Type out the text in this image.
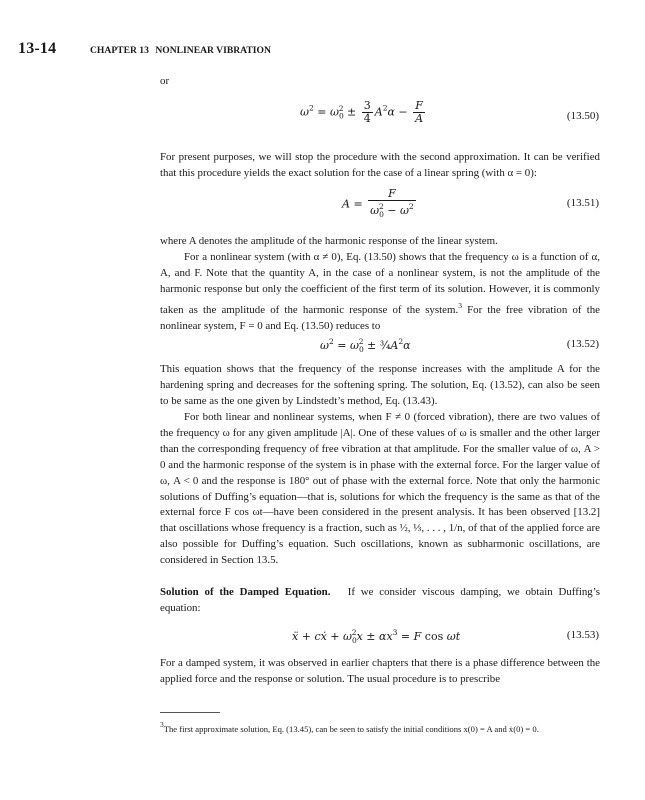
13-14	CHAPTER 13 NONLINEAR VIBRATION
or
$\omega^2 = \omega_0^2 \pm \frac{3}{4} A^2\alpha - \frac{F}{A}$	(13.50)

For present purposes, we will stop the procedure with the second approximation. It can be verified that this procedure yields the exact solution for the case of a linear spring (with α = 0):

$A = \frac{F}{\omega_0^2 - \omega^2}$	(13.51)

where A denotes the amplitude of the harmonic response of the linear system.

For a nonlinear system (with α ≠ 0), Eq. (13.50) shows that the frequency ω is a function of α, A, and F. Note that the quantity A, in the case of a nonlinear system, is not the amplitude of the harmonic response but only the coefficient of the first term of its solution. However, it is commonly taken as the amplitude of the harmonic response of the system.$^3$ For the free vibration of the nonlinear system, F = 0 and Eq. (13.50) reduces to

$\omega^2 = \omega_0^2$ ± $\frac{3}{4}A^2\alpha$	(13.52)

This equation shows that the frequency of the response increases with the amplitude A for the hardening spring and decreases for the softening spring. The solution, Eq. (13.52), can also be seen to be same as the one given by Lindstedt’s method, Eq. (13.43).

For both linear and nonlinear systems, when F ≠ 0 (forced vibration), there are two values of the frequency ω for any given amplitude |A|. One of these values of ω is smaller and the other larger than the corresponding frequency of free vibration at that amplitude. For the smaller value of ω, A > 0 and the harmonic response of the system is in phase with the external force. For the larger value of ω, A < 0 and the response is 180° out of phase with the external force. Note that only the harmonic solutions of Duffing’s equation—that is, solutions for which the frequency is the same as that of the external force F cos ωt—have been considered in the present analysis. It has been observed [13.2] that oscillations whose frequency is a fraction, such as ½, ⅓, . . . , 1/n, of that of the applied force are also possible for Duffing’s equation. Such oscillations, known as subharmonic oscillations, are considered in Section 13.5.

Solution of the Damped Equation. If we consider viscous damping, we obtain Duffing’s equation:

ẍ + cẋ + $\omega_0^2x \pm \alpha x^3 = F$ cos ωt	(13.53)

For a damped system, it was observed in earlier chapters that there is a phase difference between the applied force and the response or solution. The usual procedure is to prescribe

3The first approximate solution, Eq. (13.45), can be seen to satisfy the initial conditions x(0) = A and ẋ(0) = 0.
